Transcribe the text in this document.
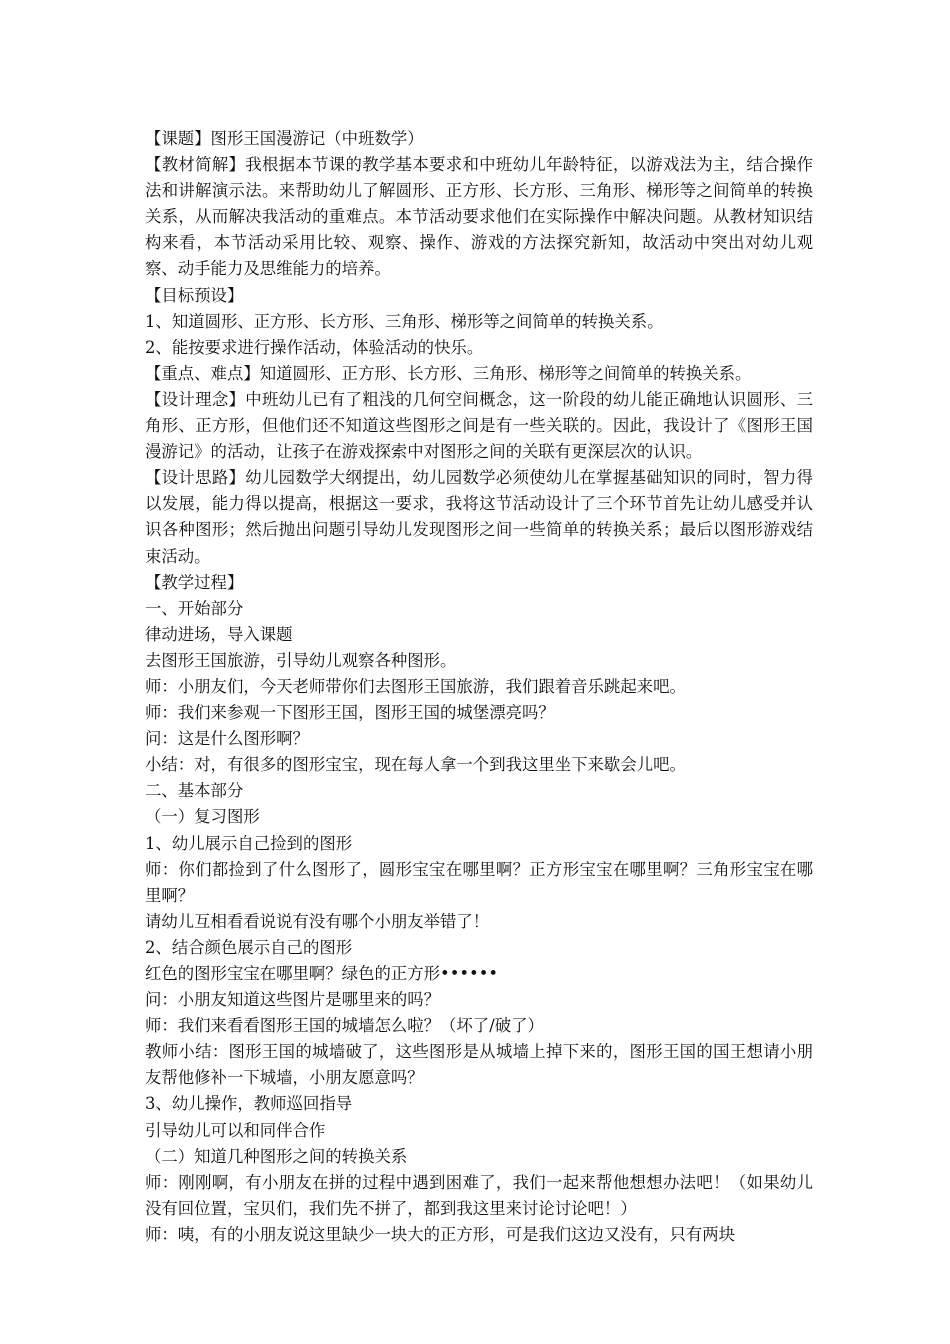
【课题】图形王国漫游记（中班数学）

【教材简解】我根据本节课的教学基本要求和中班幼儿年龄特征，以游戏法为主，结合操作法和讲解演示法。来帮助幼儿了解圆形、正方形、长方形、三角形、梯形等之间简单的转换关系，从而解决我活动的重难点。本节活动要求他们在实际操作中解决问题。从教材知识结构来看，本节活动采用比较、观察、操作、游戏的方法探究新知，故活动中突出对幼儿观察、动手能力及思维能力的培养。

【目标预设】

1、知道圆形、正方形、长方形、三角形、梯形等之间简单的转换关系。

2、能按要求进行操作活动，体验活动的快乐。

【重点、难点】知道圆形、正方形、长方形、三角形、梯形等之间简单的转换关系。

【设计理念】中班幼儿已有了粗浅的几何空间概念，这一阶段的幼儿能正确地认识圆形、三角形、正方形，但他们还不知道这些图形之间是有一些关联的。因此，我设计了《图形王国漫游记》的活动，让孩子在游戏探索中对图形之间的关联有更深层次的认识。

【设计思路】幼儿园数学大纲提出，幼儿园数学必须使幼儿在掌握基础知识的同时，智力得以发展，能力得以提高，根据这一要求，我将这节活动设计了三个环节首先让幼儿感受并认识各种图形；然后抛出问题引导幼儿发现图形之间一些简单的转换关系；最后以图形游戏结束活动。

【教学过程】

一、开始部分

律动进场，导入课题

去图形王国旅游，引导幼儿观察各种图形。

师：小朋友们，今天老师带你们去图形王国旅游，我们跟着音乐跳起来吧。

师：我们来参观一下图形王国，图形王国的城堡漂亮吗？

问：这是什么图形啊？

小结：对，有很多的图形宝宝，现在每人拿一个到我这里坐下来歇会儿吧。

二、基本部分

（一）复习图形

1、幼儿展示自己捡到的图形

师：你们都捡到了什么图形了，圆形宝宝在哪里啊？正方形宝宝在哪里啊？三角形宝宝在哪里啊？

请幼儿互相看看说说有没有哪个小朋友举错了！

2、结合颜色展示自己的图形

红色的图形宝宝在哪里啊？绿色的正方形••••••

问：小朋友知道这些图片是哪里来的吗？

师：我们来看看图形王国的城墙怎么啦？（坏了/破了）

教师小结：图形王国的城墙破了，这些图形是从城墙上掉下来的，图形王国的国王想请小朋友帮他修补一下城墙，小朋友愿意吗？

3、幼儿操作，教师巡回指导

引导幼儿可以和同伴合作

（二）知道几种图形之间的转换关系

师：刚刚啊，有小朋友在拼的过程中遇到困难了，我们一起来帮他想想办法吧！（如果幼儿没有回位置，宝贝们，我们先不拼了，都到我这里来讨论讨论吧！）

师：咦，有的小朋友说这里缺少一块大的正方形，可是我们这边又没有，只有两块
